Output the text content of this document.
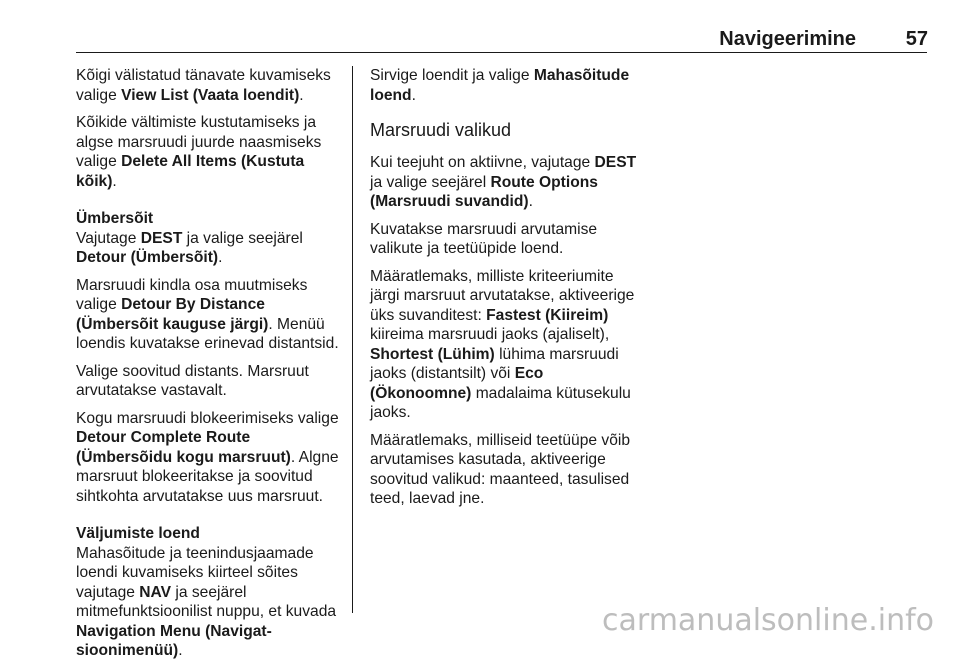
Navigeerimine 57

Kõigi välistatud tänavate kuvamiseks valige View List (Vaata loendit).

Kõikide vältimiste kustutamiseks ja algse marsruudi juurde naasmiseks valige Delete All Items (Kustuta kõik).

Ümbersõit

Vajutage DEST ja valige seejärel Detour (Ümbersõit).

Marsruudi kindla osa muutmiseks valige Detour By Distance (Ümbersõit kauguse järgi). Menüü loendis kuvatakse erinevad distantsid.

Valige soovitud distants. Marsruut arvutatakse vastavalt.

Kogu marsruudi blokeerimiseks valige Detour Complete Route (Ümbersõidu kogu marsruut). Algne marsruut blokeeritakse ja soovitud sihtkohta arvutatakse uus marsruut.

Väljumiste loend

Mahasõitude ja teenindusjaamade loendi kuvamiseks kiirteel sõites vajutage NAV ja seejärel mitmefunktsioonilist nuppu, et kuvada Navigation Menu (Navigatsioonimenüü).

Sirvige loendit ja valige Mahasõitude loend.

Marsruudi valikud

Kui teejuht on aktiivne, vajutage DEST ja valige seejärel Route Options (Marsruudi suvandid).

Kuvatakse marsruudi arvutamise valikute ja teetüüpide loend.

Määratlemaks, milliste kriteeriumite järgi marsruut arvutatakse, aktiveerige üks suvanditest: Fastest (Kiireim) kiireima marsruudi jaoks (ajaliselt), Shortest (Lühim) lühima marsruudi jaoks (distantsilt) või Eco (Ökonoomne) madalaima kütusekulu jaoks.

Määratlemaks, milliseid teetüüpe võib arvutamises kasutada, aktiveerige soovitud valikud: maanteed, tasulised teed, laevad jne.

carmanualsonline.info
